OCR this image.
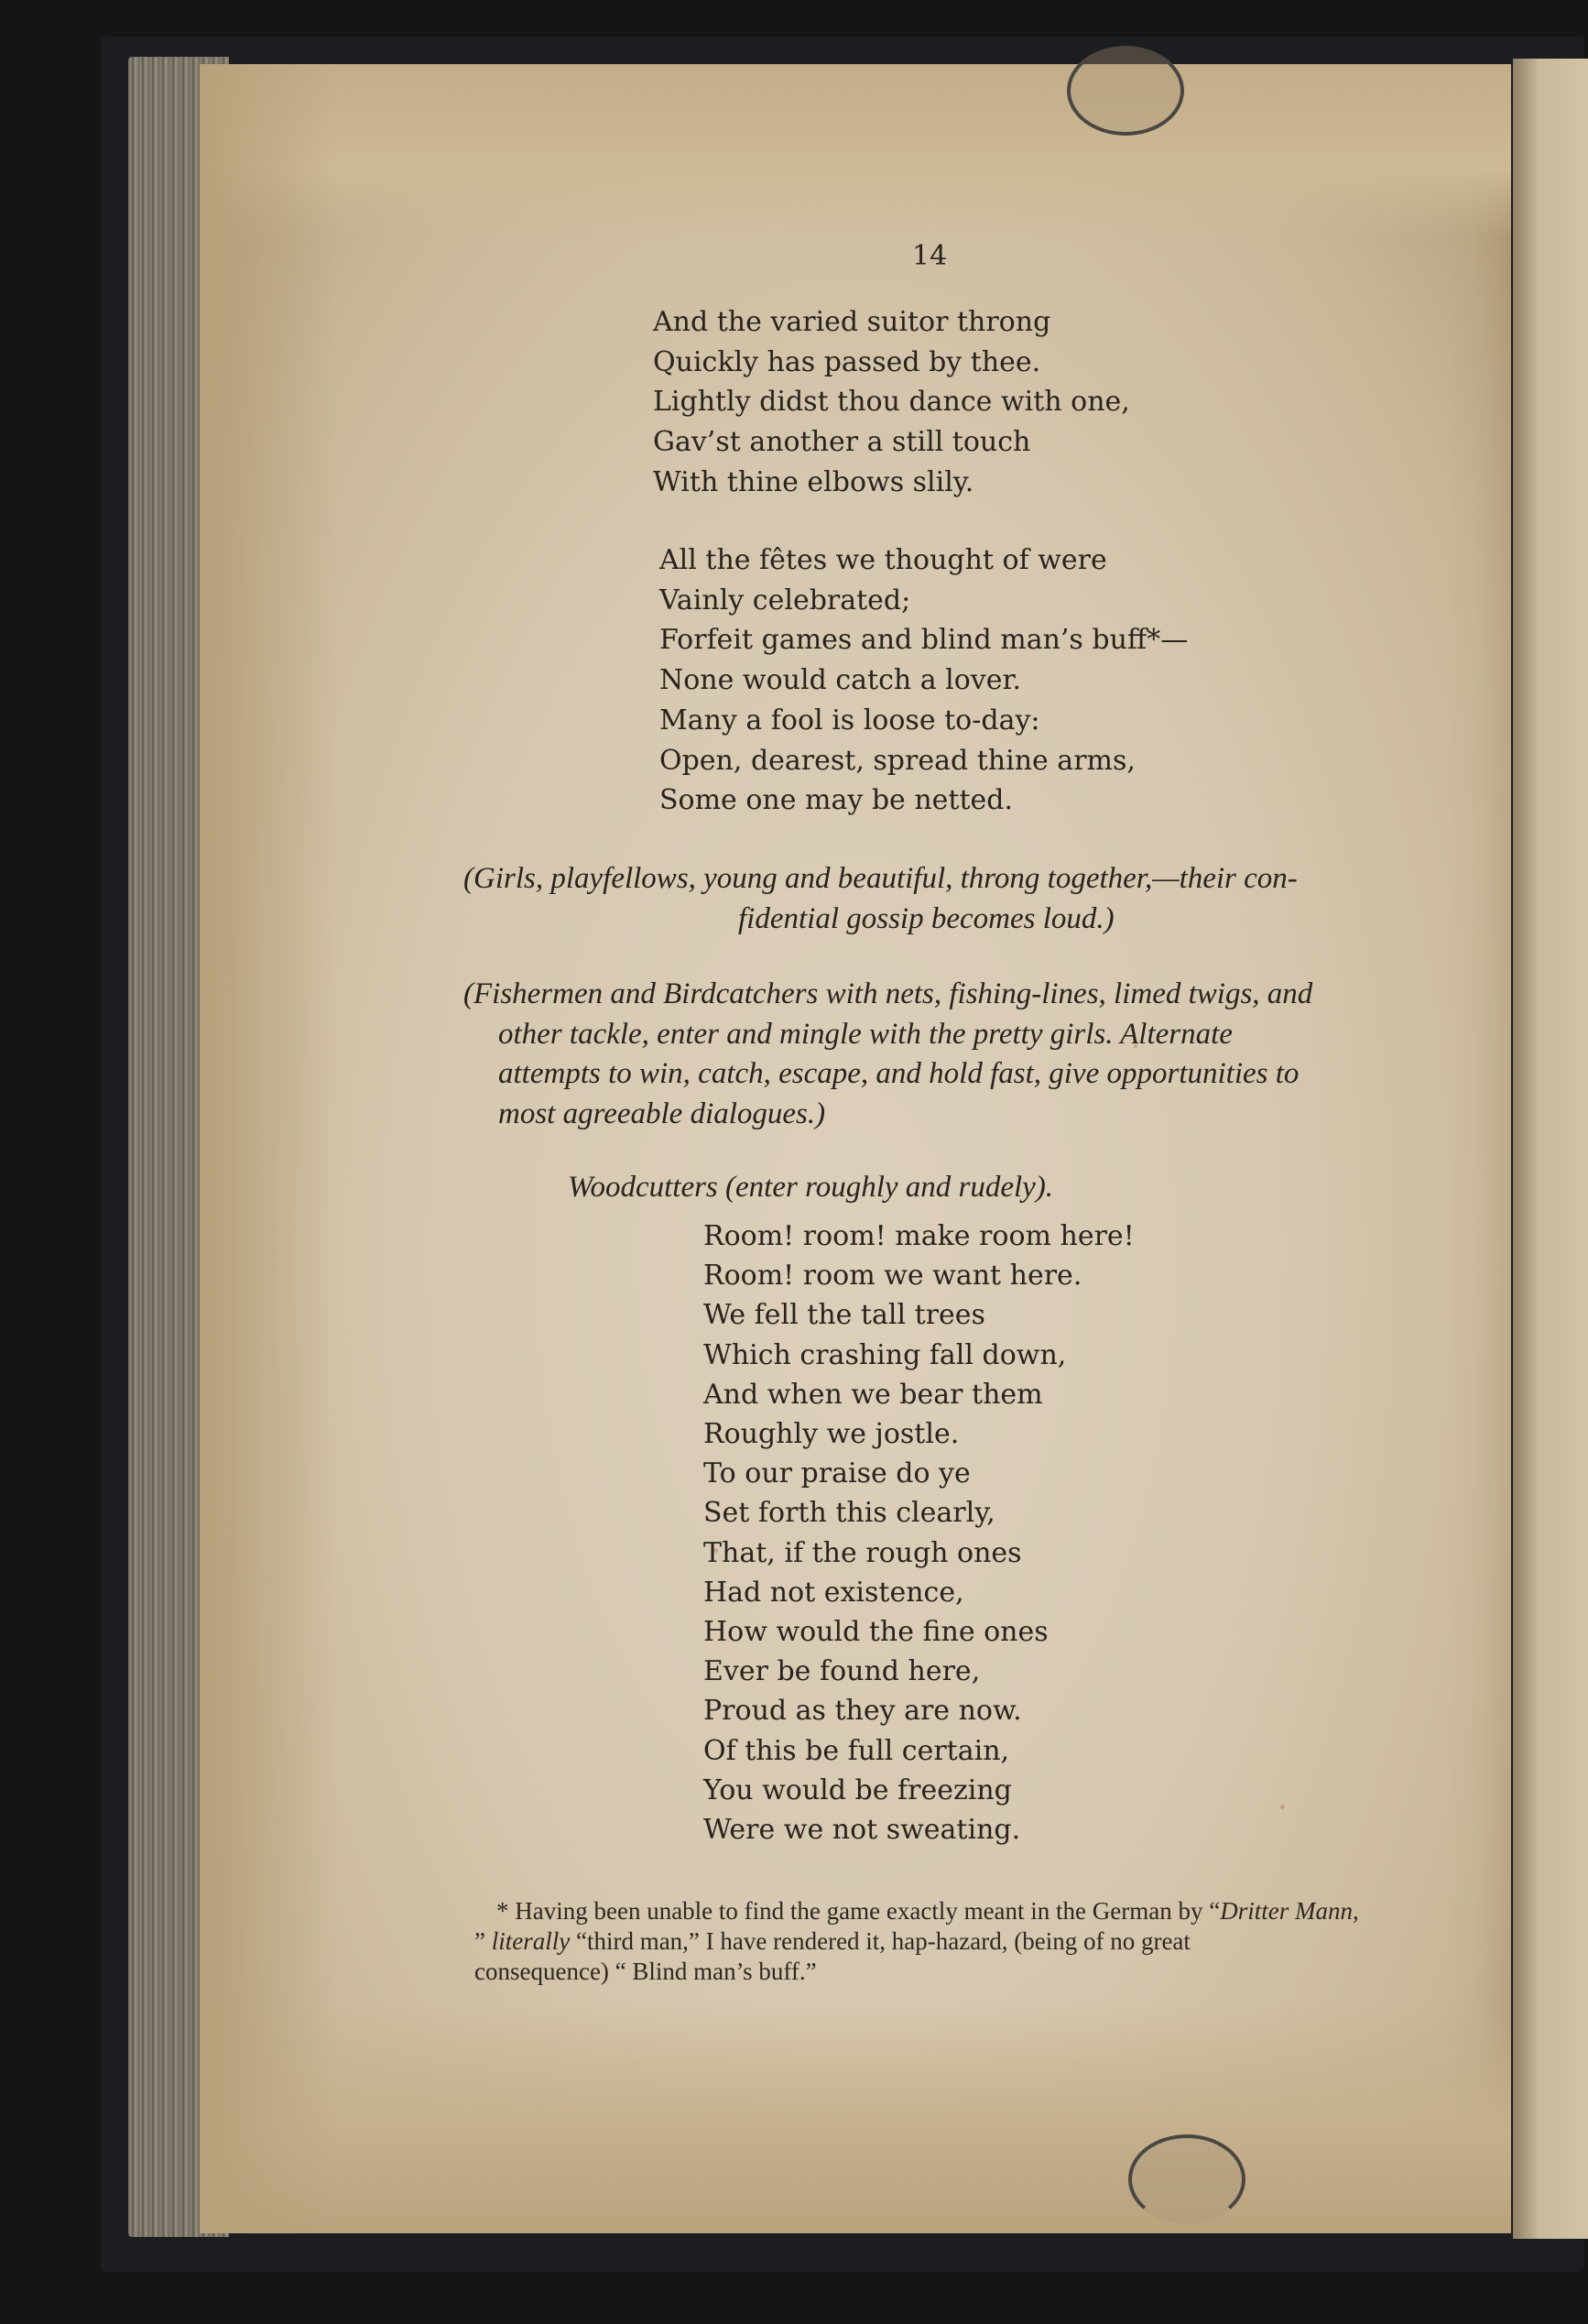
14
And the varied suitor throng
Quickly has passed by thee.
Lightly didst thou dance with one,
Gav’st another a still touch
With thine elbows slily.
All the fêtes we thought of were
Vainly celebrated;
Forfeit games and blind man’s buff*—
None would catch a lover.
Many a fool is loose to-day:
Open, dearest, spread thine arms,
Some one may be netted.
(Girls, playfellows, young and beautiful, throng together,—their con-
fidential gossip becomes loud.)
(Fishermen and Birdcatchers with nets, fishing-lines, limed twigs, and
other tackle, enter and mingle with the pretty girls. Alternate
attempts to win, catch, escape, and hold fast, give opportunities to
most agreeable dialogues.)
Woodcutters (enter roughly and rudely).
Room! room! make room here!
Room! room we want here.
We fell the tall trees
Which crashing fall down,
And when we bear them
Roughly we jostle.
To our praise do ye
Set forth this clearly,
That, if the rough ones
Had not existence,
How would the fine ones
Ever be found here,
Proud as they are now.
Of this be full certain,
You would be freezing
Were we not sweating.
* Having been unable to find the game exactly meant in the German by “Dritter Mann,
” literally “third man,” I have rendered it, hap-hazard, (being of no great
consequence) “ Blind man’s buff.”
